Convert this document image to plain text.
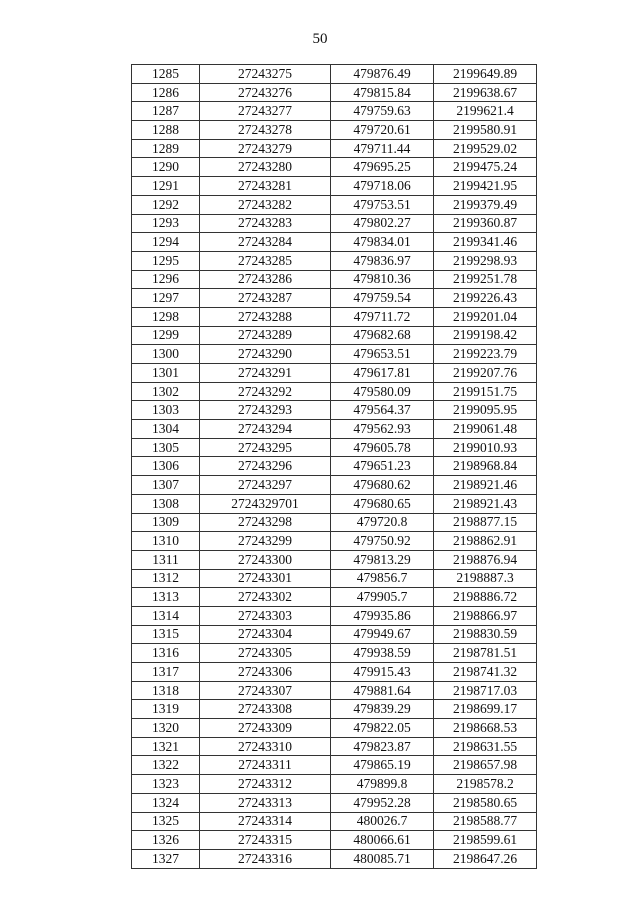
50
1285	27243275	479876.49	2199649.89
1286	27243276	479815.84	2199638.67
1287	27243277	479759.63	2199621.4
1288	27243278	479720.61	2199580.91
1289	27243279	479711.44	2199529.02
1290	27243280	479695.25	2199475.24
1291	27243281	479718.06	2199421.95
1292	27243282	479753.51	2199379.49
1293	27243283	479802.27	2199360.87
1294	27243284	479834.01	2199341.46
1295	27243285	479836.97	2199298.93
1296	27243286	479810.36	2199251.78
1297	27243287	479759.54	2199226.43
1298	27243288	479711.72	2199201.04
1299	27243289	479682.68	2199198.42
1300	27243290	479653.51	2199223.79
1301	27243291	479617.81	2199207.76
1302	27243292	479580.09	2199151.75
1303	27243293	479564.37	2199095.95
1304	27243294	479562.93	2199061.48
1305	27243295	479605.78	2199010.93
1306	27243296	479651.23	2198968.84
1307	27243297	479680.62	2198921.46
1308	2724329701	479680.65	2198921.43
1309	27243298	479720.8	2198877.15
1310	27243299	479750.92	2198862.91
1311	27243300	479813.29	2198876.94
1312	27243301	479856.7	2198887.3
1313	27243302	479905.7	2198886.72
1314	27243303	479935.86	2198866.97
1315	27243304	479949.67	2198830.59
1316	27243305	479938.59	2198781.51
1317	27243306	479915.43	2198741.32
1318	27243307	479881.64	2198717.03
1319	27243308	479839.29	2198699.17
1320	27243309	479822.05	2198668.53
1321	27243310	479823.87	2198631.55
1322	27243311	479865.19	2198657.98
1323	27243312	479899.8	2198578.2
1324	27243313	479952.28	2198580.65
1325	27243314	480026.7	2198588.77
1326	27243315	480066.61	2198599.61
1327	27243316	480085.71	2198647.26
